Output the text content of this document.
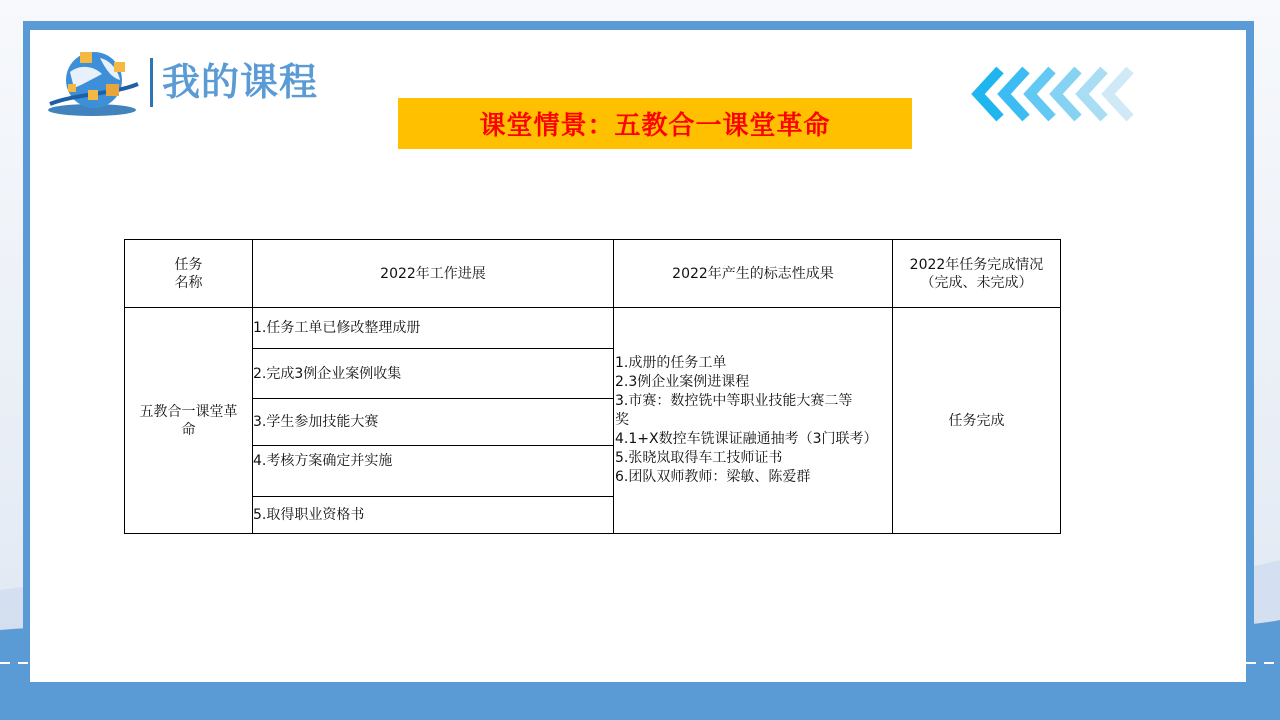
我的课程
课堂情景：五教合一课堂革命
任务
名称
2022年工作进展	2022年产生的标志性成果
2022年任务完成情况
（完成、未完成）
五教合一课堂革
命
1.任务工单已修改整理成册
2.完成3例企业案例收集
3.学生参加技能大赛
4.考核方案确定并实施
5.取得职业资格书
1.成册的任务工单
2.3例企业案例进课程
3.市赛：数控铣中等职业技能大赛二等
奖
4.1+X数控车铣课证融通抽考（3门联考）
5.张晓岚取得车工技师证书
6.团队双师教师：梁敏、陈爱群
任务完成
